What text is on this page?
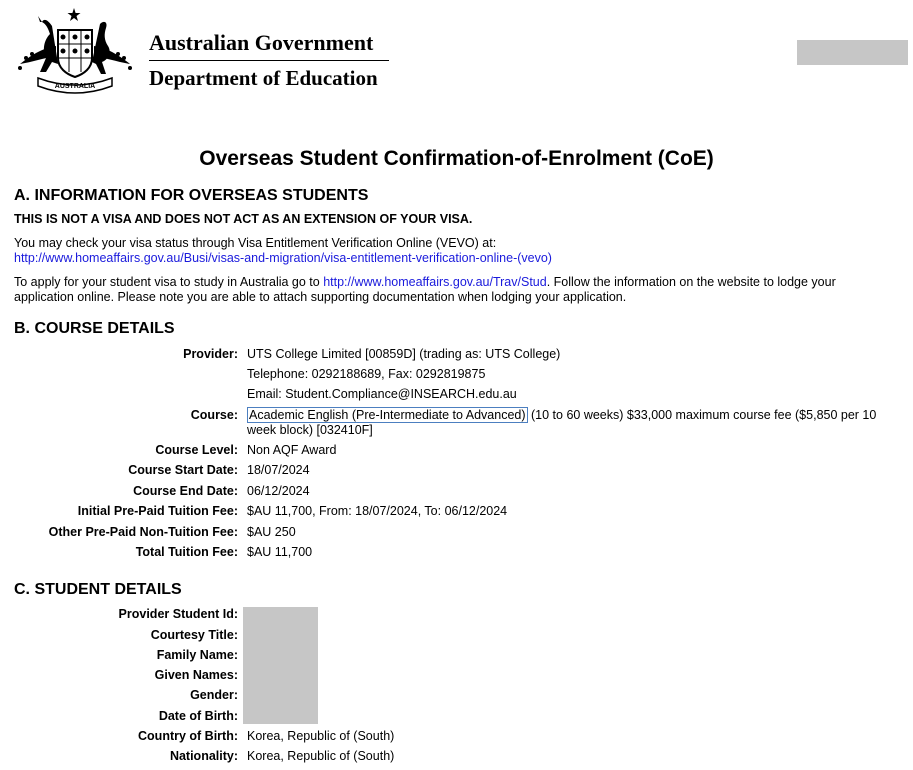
AUSTRALIA
Australian Government
Department of Education
Overseas Student Confirmation-of-Enrolment (CoE)
A. INFORMATION FOR OVERSEAS STUDENTS
THIS IS NOT A VISA AND DOES NOT ACT AS AN EXTENSION OF YOUR VISA.
You may check your visa status through Visa Entitlement Verification Online (VEVO) at:
http://www.homeaffairs.gov.au/Busi/visas-and-migration/visa-entitlement-verification-online-(vevo)
To apply for your student visa to study in Australia go to http://www.homeaffairs.gov.au/Trav/Stud. Follow the information on the website to lodge your
application online. Please note you are able to attach supporting documentation when lodging your application.
B. COURSE DETAILS
Provider: UTS College Limited [00859D] (trading as: UTS College)
Telephone: 0292188689, Fax: 0292819875
Email: Student.Compliance@INSEARCH.edu.au
Course: Academic English (Pre-Intermediate to Advanced) (10 to 60 weeks) $33,000 maximum course fee ($5,850 per 10 week block) [032410F]
Course Level: Non AQF Award
Course Start Date: 18/07/2024
Course End Date: 06/12/2024
Initial Pre-Paid Tuition Fee: $AU 11,700, From: 18/07/2024, To: 06/12/2024
Other Pre-Paid Non-Tuition Fee: $AU 250
Total Tuition Fee: $AU 11,700
C. STUDENT DETAILS
Provider Student Id:
Courtesy Title:
Family Name:
Given Names:
Gender:
Date of Birth:
Country of Birth: Korea, Republic of (South)
Nationality: Korea, Republic of (South)
